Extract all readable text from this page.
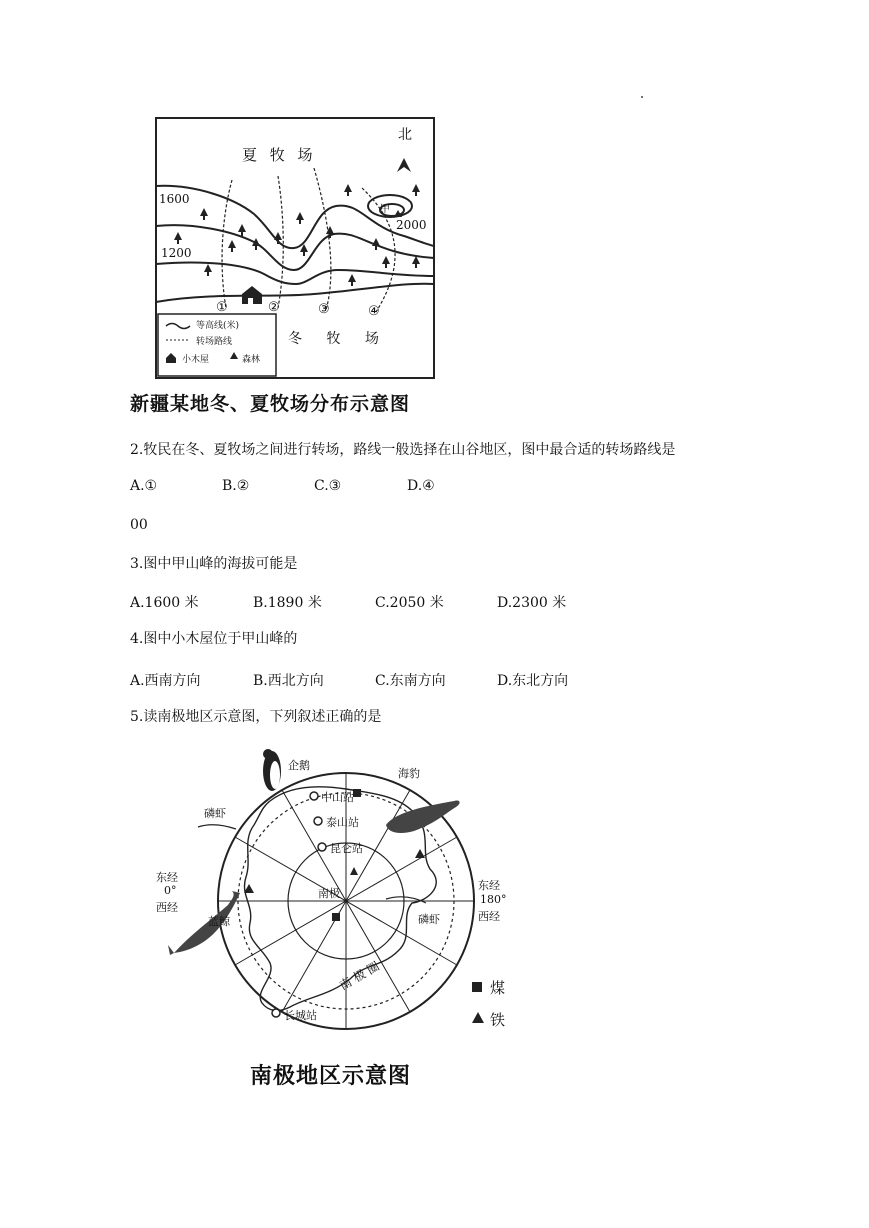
北
夏 牧 场
1600
1200
2000
甲
①	②	③	④
冬 牧 场
等高线(米)
转场路线
小木屋	森林
新疆某地冬、夏牧场分布示意图
2.牧民在冬、夏牧场之间进行转场，路线一般选择在山谷地区，图中最合适的转场路线是
A.①	B.②	C.③	D.④
00
3.图中甲山峰的海拔可能是
A.1600 米	B.1890 米	C.2050 米	D.2300 米
4.图中小木屋位于甲山峰的
A.西南方向	B.西北方向	C.东南方向	D.东北方向
5.读南极地区示意图，下列叙述正确的是
企鹅
中山站
泰山站
昆仑站
海豹
磷虾
磷虾
东经
0°
西经
东经
180°
西经
南极
蓝鲸
南 极 圈
长城站
煤
铁
南极地区示意图
